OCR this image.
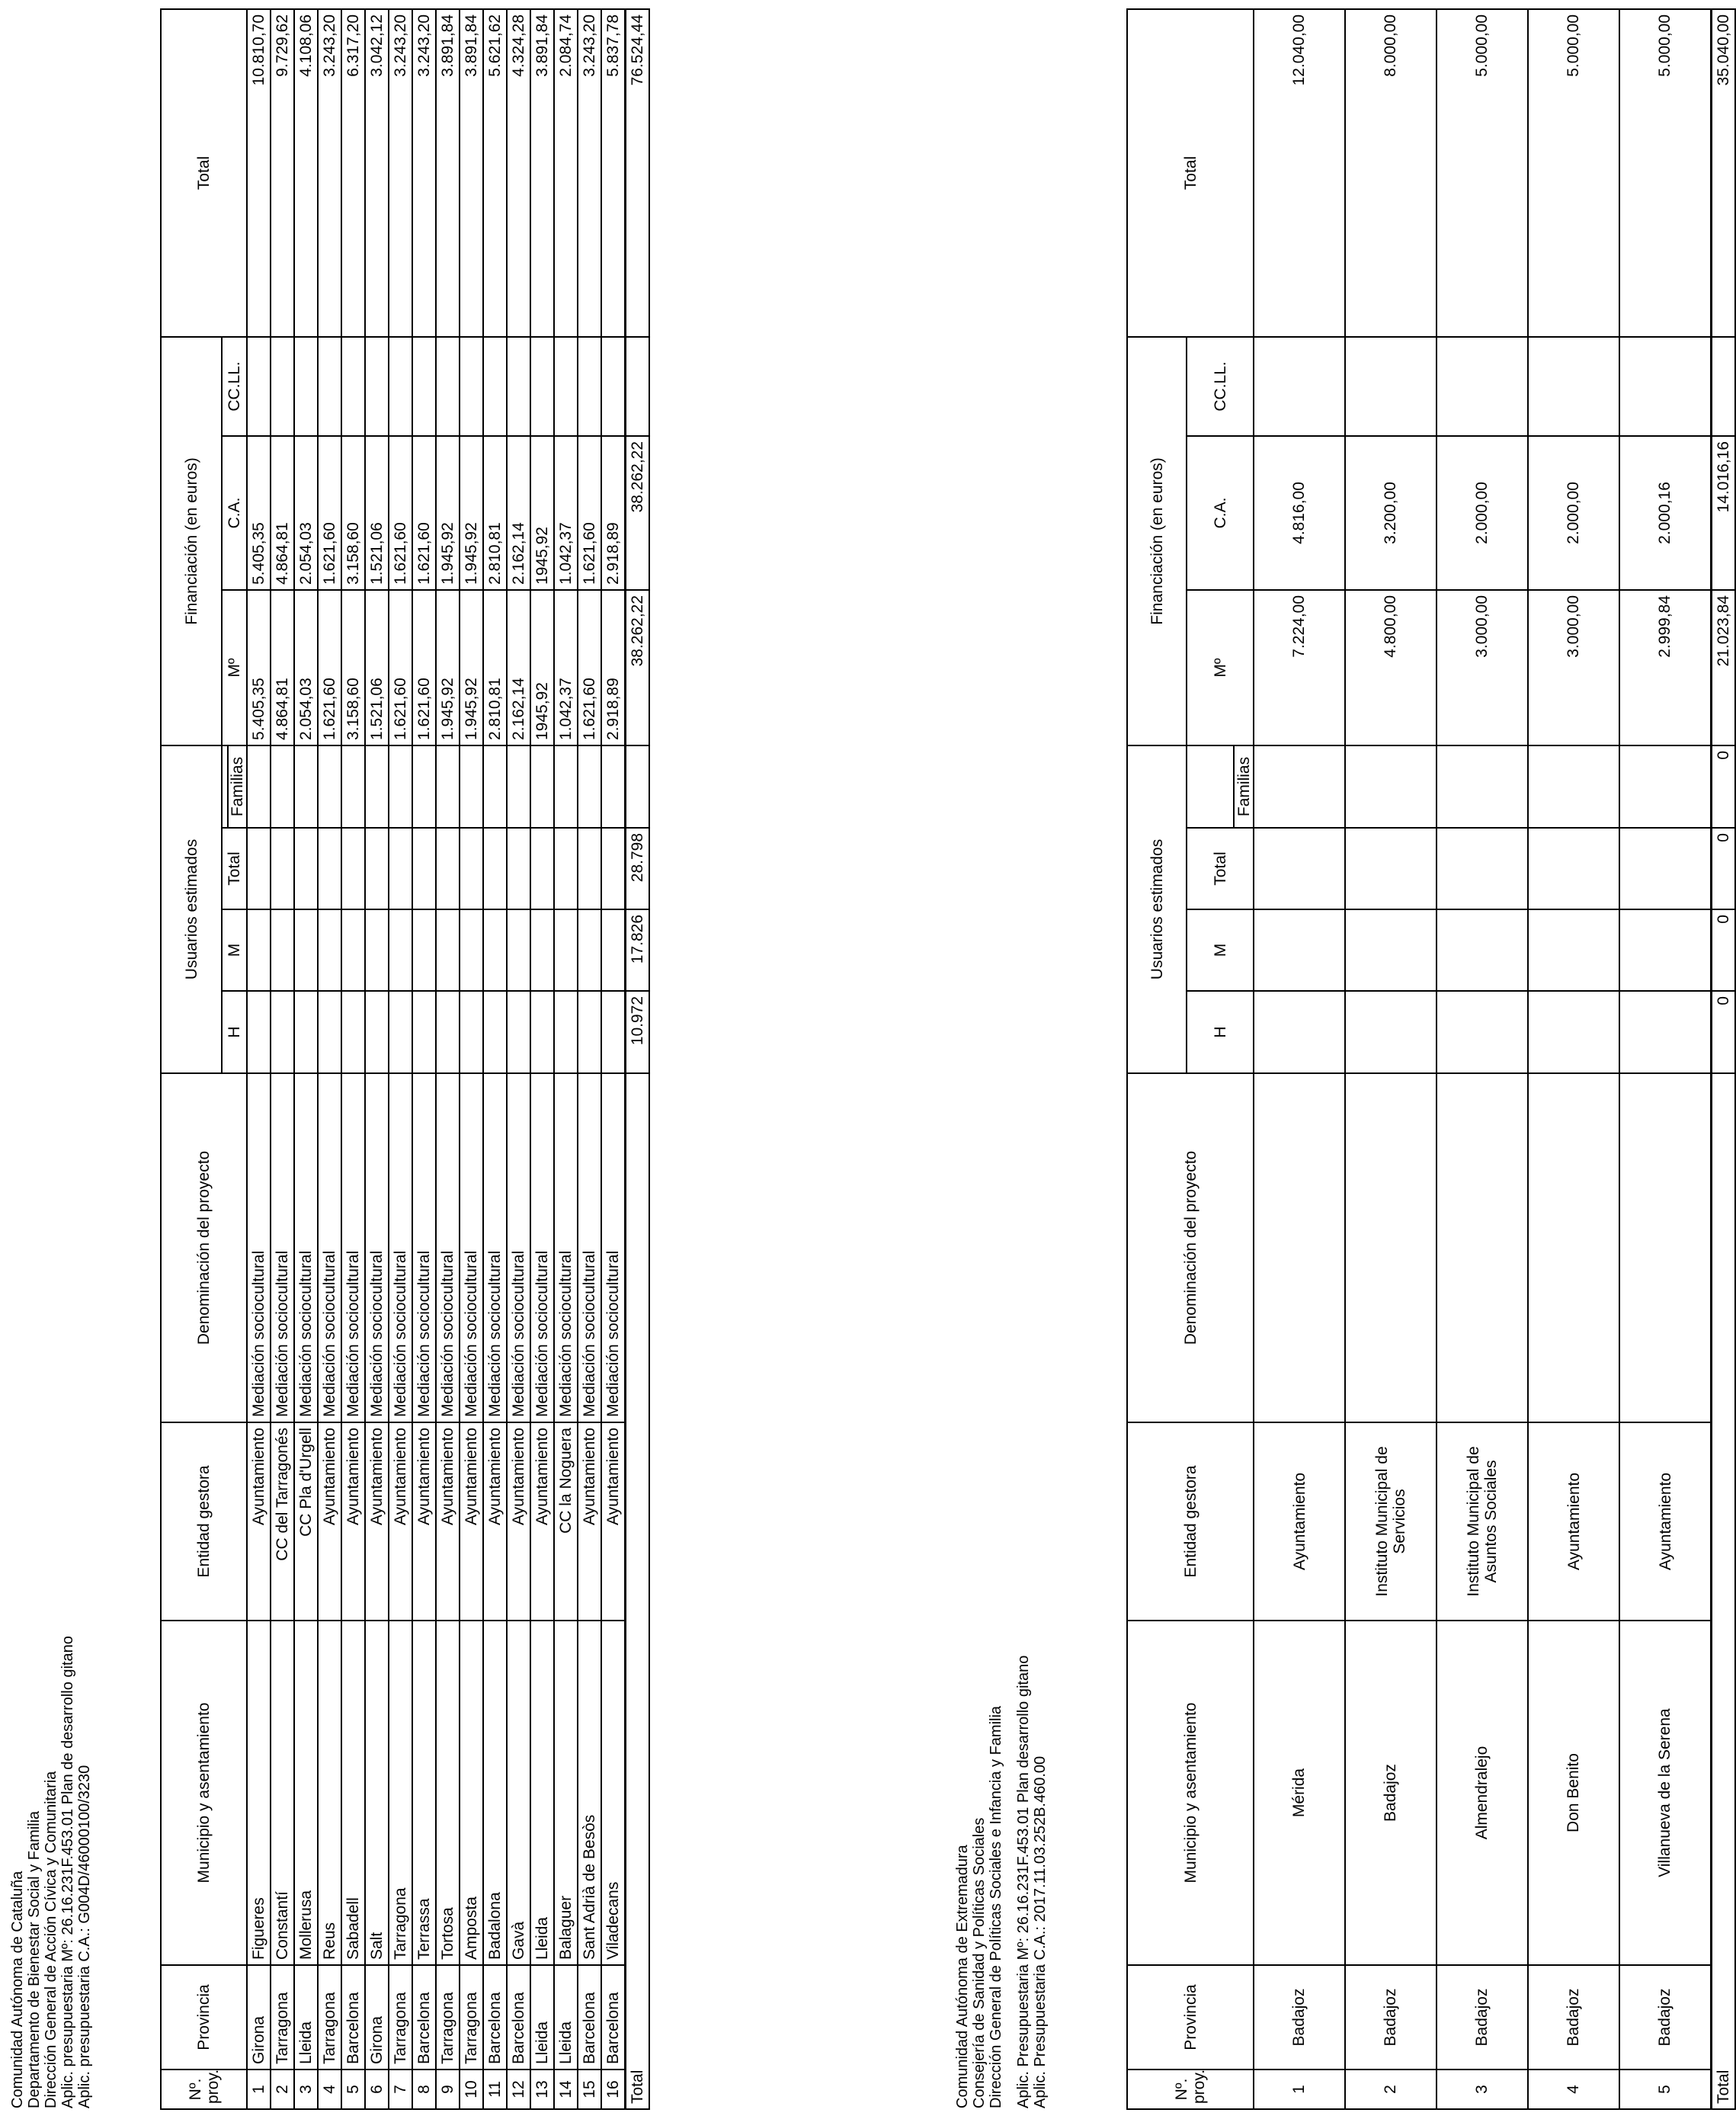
Comunidad Autónoma de Cataluña Departamento de Bienestar Social y Familia Dirección General de Acción Cívica y Comunitaria Aplic. presupuestaria Mº: 26.16.231F.453.01 Plan de desarrollo gitano Aplic. presupuestaria C.A.: G004D/46000100/3230	Nº. proy.	Provincia	Municipio y asentamiento	Entidad gestora	Denominación del proyecto	Usuarios estimados				Financiación (en euros)			Total
					H	M	Total		Mº	C.A.	CC.LL.	
								Familias				
1	Girona	Figueres	Ayuntamiento	Mediación sociocultural					5.405,35	5.405,35		10.810,70
2	Tarragona	Constantí	CC del Tarragonés	Mediación sociocultural					4.864,81	4.864,81		9.729,62
3	Lleida	Mollerusa	CC Pla d'Urgell	Mediación sociocultural					2.054,03	2.054,03		4.108,06
4	Tarragona	Reus	Ayuntamiento	Mediación sociocultural					1.621,60	1.621,60		3.243,20
5	Barcelona	Sabadell	Ayuntamiento	Mediación sociocultural					3.158,60	3.158,60		6.317,20
6	Girona	Salt	Ayuntamiento	Mediación sociocultural					1.521,06	1.521,06		3.042,12
7	Tarragona	Tarragona	Ayuntamiento	Mediación sociocultural					1.621,60	1.621,60		3.243,20
8	Barcelona	Terrassa	Ayuntamiento	Mediación sociocultural					1.621,60	1.621,60		3.243,20
9	Tarragona	Tortosa	Ayuntamiento	Mediación sociocultural					1.945,92	1.945,92		3.891,84
10	Tarragona	Amposta	Ayuntamiento	Mediación sociocultural					1.945,92	1.945,92		3.891,84
11	Barcelona	Badalona	Ayuntamiento	Mediación sociocultural					2.810,81	2.810,81		5.621,62
12	Barcelona	Gavà	Ayuntamiento	Mediación sociocultural					2.162,14	2.162,14		4.324,28
13	Lleida	Lleida	Ayuntamiento	Mediación sociocultural					1945,92	1945,92		3.891,84
14	Lleida	Balaguer	CC la Noguera	Mediación sociocultural					1.042,37	1.042,37		2.084,74
15	Barcelona	Sant Adrià de Besòs	Ayuntamiento	Mediación sociocultural					1.621,60	1.621,60		3.243,20
16	Barcelona	Viladecans	Ayuntamiento	Mediación sociocultural					2.918,89	2.918,89		5.837,78
Total					10.972	17.826	28.798		38.262,22	38.262,22		76.524,44
Comunidad Autónoma de Extremadura Consejería de Sanidad y Políticas Sociales Dirección General de Políticas Sociales e Infancia y Familia Aplic. Presupuestaria Mº: 26.16.231F.453.01 Plan desarrollo gitano Aplic. Presupuestaria C.A.: 2017.11.03.252B.460.00	Nº. proy.	Provincia	Municipio y asentamiento	Entidad gestora	Denominación del proyecto	Usuarios estimados				Financiación (en euros)			Total
					H	M	Total		Mº	C.A.	CC.LL.	
								Familias				
1	Badajoz	Mérida	Ayuntamiento						7.224,00	4.816,00		12.040,00
2	Badajoz	Badajoz	Instituto Municipal de Servicios						4.800,00	3.200,00		8.000,00
3	Badajoz	Almendralejo	Instituto Municipal de Asuntos Sociales						3.000,00	2.000,00		5.000,00
4	Badajoz	Don Benito	Ayuntamiento						3.000,00	2.000,00		5.000,00
5	Badajoz	Villanueva de la Serena	Ayuntamiento						2.999,84	2.000,16		5.000,00
Total					0	0	0	0	21.023,84	14.016,16		35.040,00
